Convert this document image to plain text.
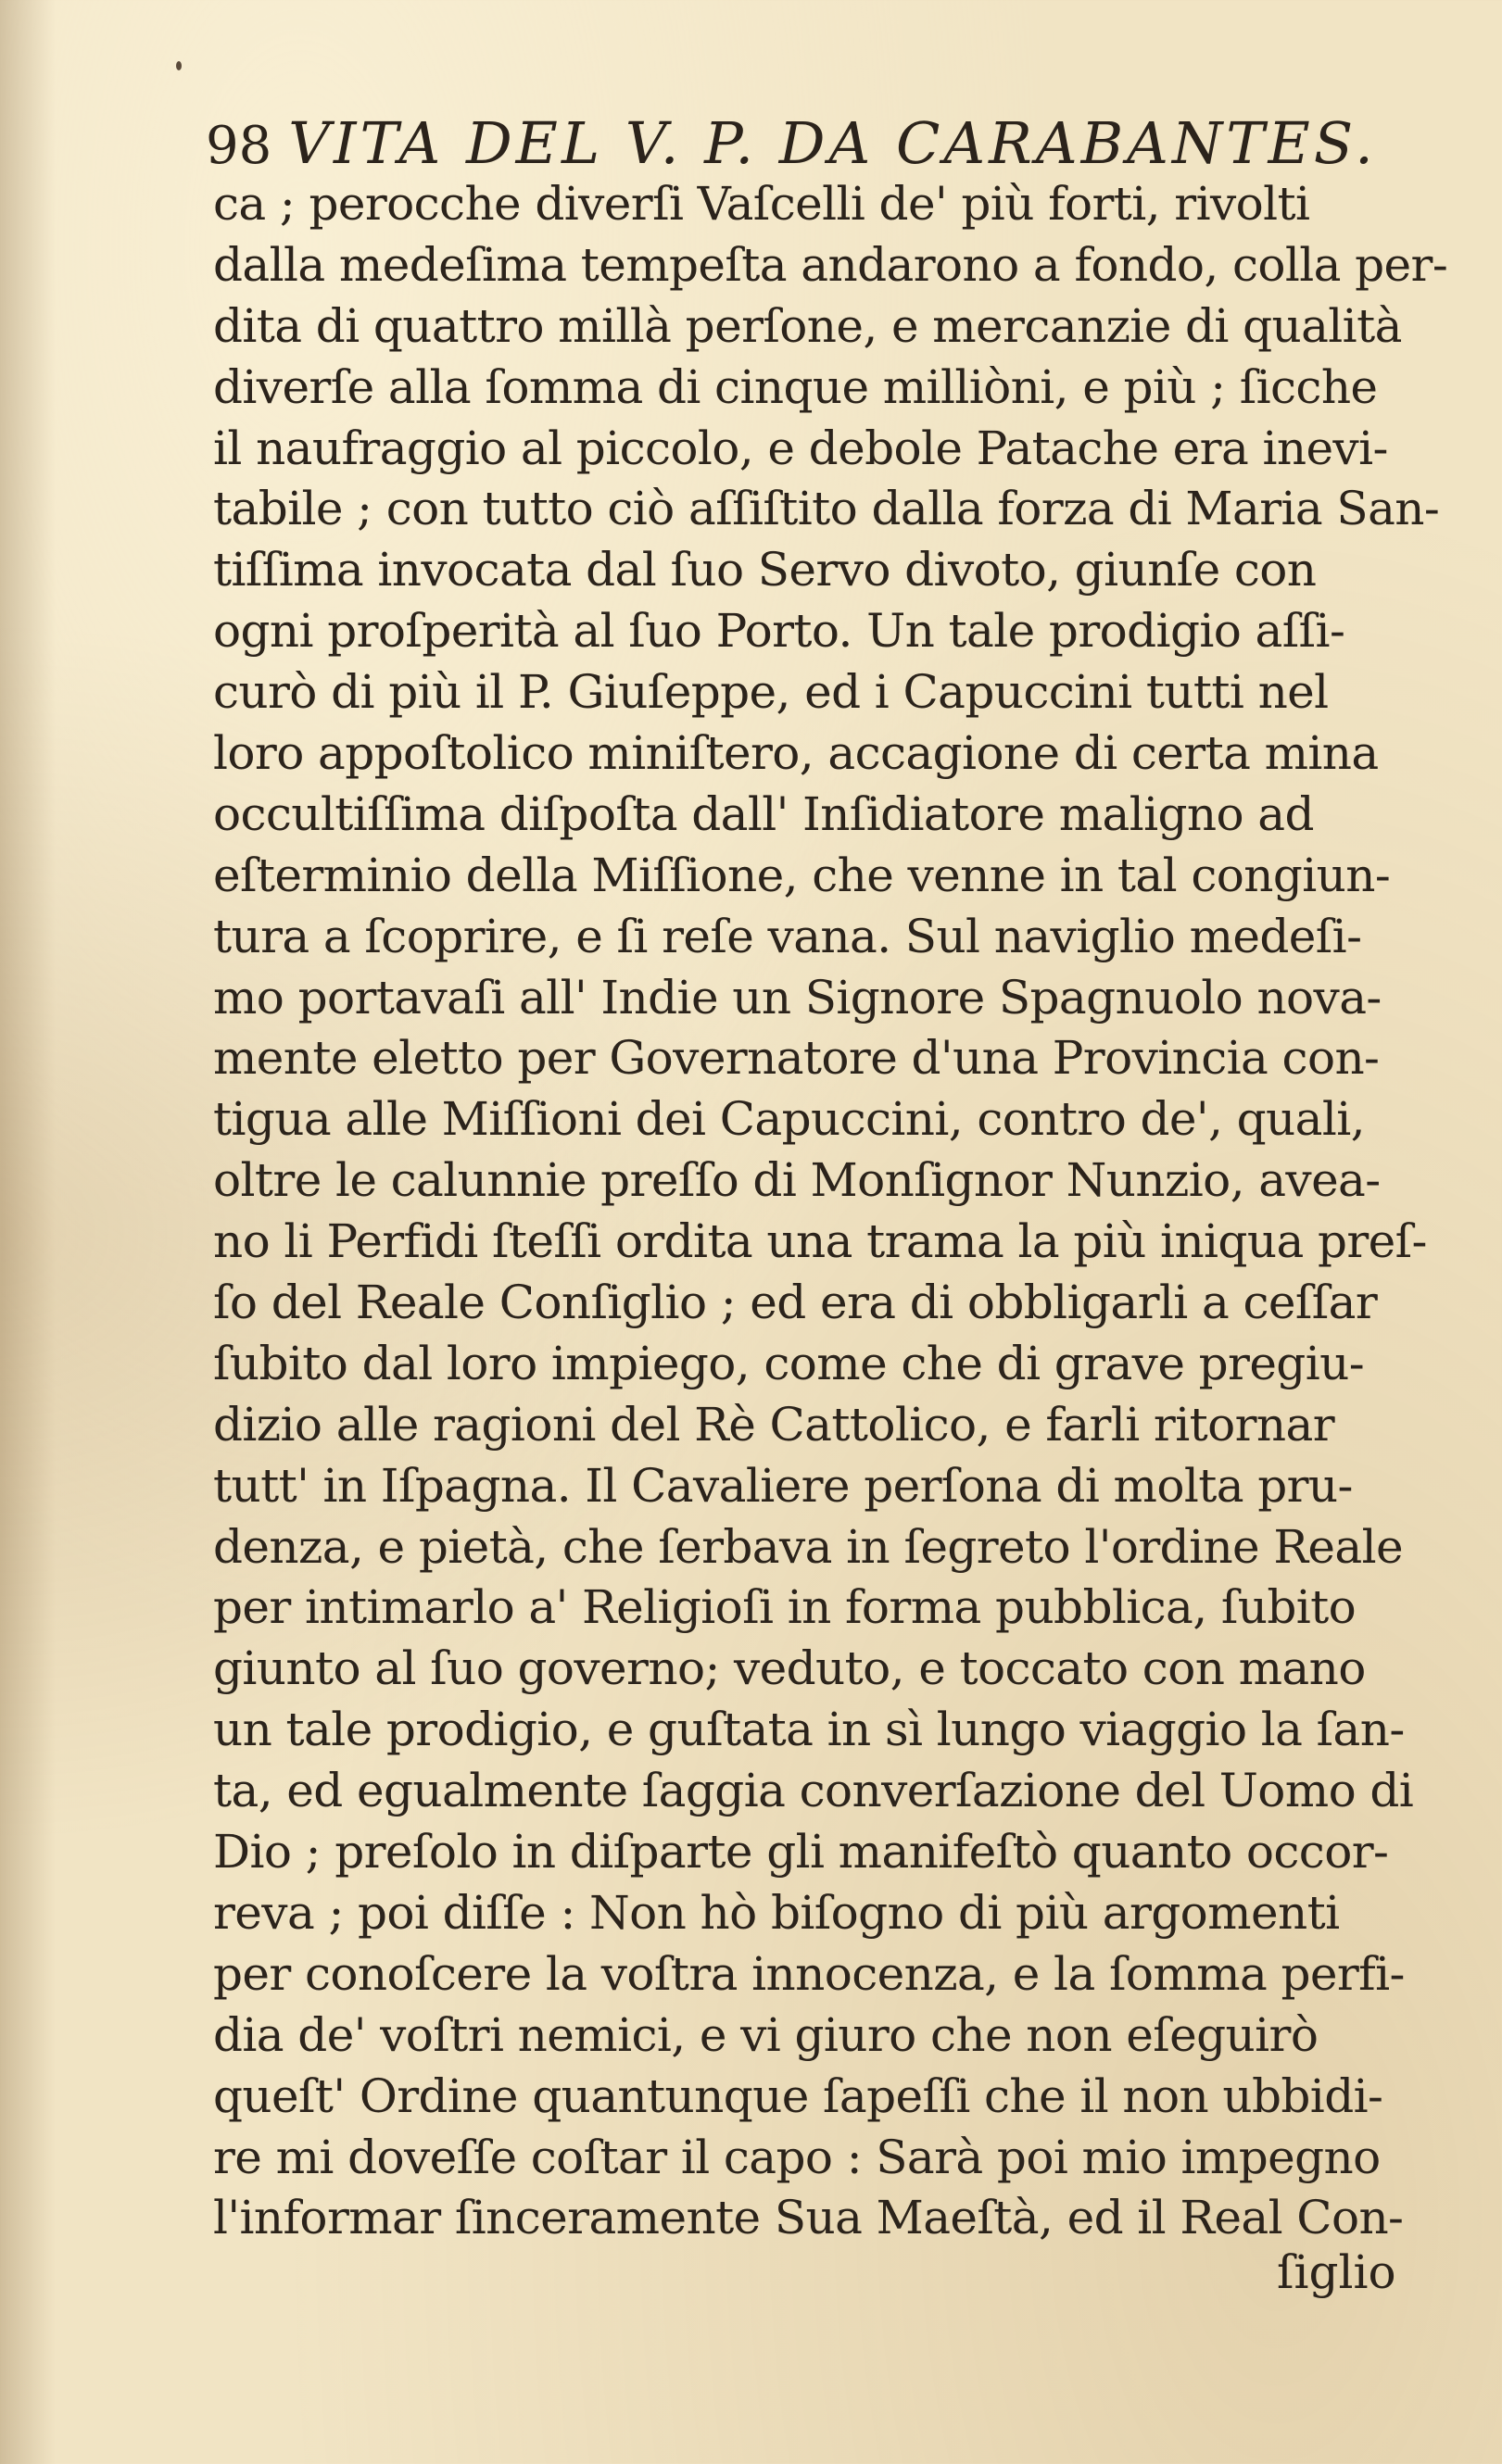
98 VITA DEL V. P. DA CARABANTES.
ca ; perocche diverſi Vaſcelli de' più forti, rivolti
dalla medeſima tempeſta andarono a fondo, colla per-
dita di quattro millà perſone, e mercanzie di qualità
diverſe alla ſomma di cinque milliòni, e più ; ſicche
il naufraggio al piccolo, e debole Patache era inevi-
tabile ; con tutto ciò aſſiſtito dalla forza di Maria San-
tiſſima invocata dal ſuo Servo divoto, giunſe con
ogni proſperità al ſuo Porto. Un tale prodigio aſſi-
curò di più il P. Giuſeppe, ed i Capuccini tutti nel
loro appoſtolico miniſtero, accagione di certa mina
occultiſſima diſpoſta dall' Inſidiatore maligno ad
eſterminio della Miſſione, che venne in tal congiun-
tura a ſcoprire, e ſi reſe vana. Sul naviglio medeſi-
mo portavaſi all' Indie un Signore Spagnuolo nova-
mente eletto per Governatore d'una Provincia con-
tigua alle Miſſioni dei Capuccini, contro de', quali,
oltre le calunnie preſſo di Monſignor Nunzio, avea-
no li Perfidi ſteſſi ordita una trama la più iniqua preſ-
ſo del Reale Conſiglio ; ed era di obbligarli a ceſſar
ſubito dal loro impiego, come che di grave pregiu-
dizio alle ragioni del Rè Cattolico, e farli ritornar
tutt' in Iſpagna. Il Cavaliere perſona di molta pru-
denza, e pietà, che ſerbava in ſegreto l'ordine Reale
per intimarlo a' Religioſi in forma pubblica, ſubito
giunto al ſuo governo; veduto, e toccato con mano
un tale prodigio, e guſtata in sì lungo viaggio la ſan-
ta, ed egualmente ſaggia converſazione del Uomo di
Dio ; preſolo in diſparte gli manifeſtò quanto occor-
reva ; poi diſſe : Non hò biſogno di più argomenti
per conoſcere la voſtra innocenza, e la ſomma perfi-
dia de' voſtri nemici, e vi giuro che non eſeguirò
queſt' Ordine quantunque ſapeſſi che il non ubbidi-
re mi doveſſe coſtar il capo : Sarà poi mio impegno
l'informar ſinceramente Sua Maeſtà, ed il Real Con-
ſiglio
